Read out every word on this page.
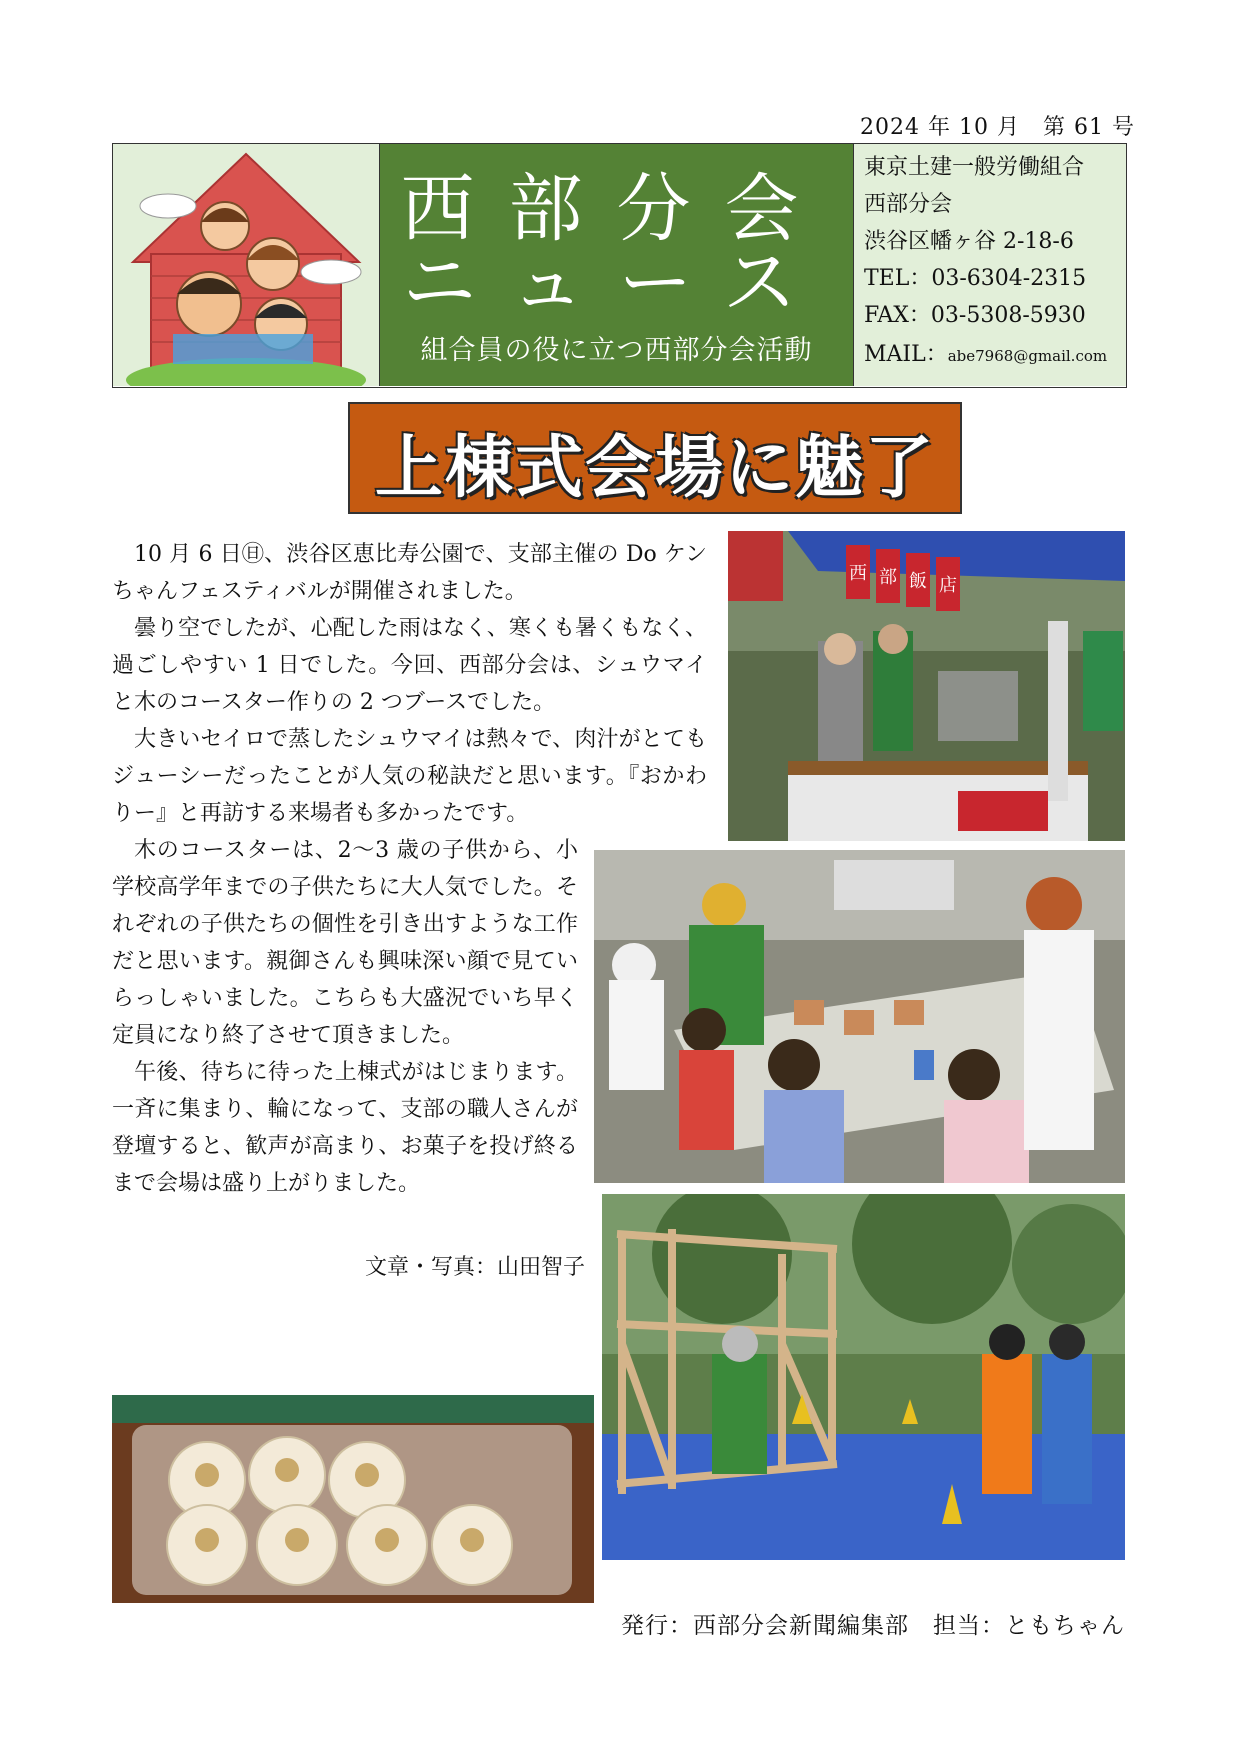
2024 年 10 月　 第 61 号
西部分会
ニュース
組合員の役に立つ西部分会活動
東京土建一般労働組合
西部分会
渋谷区幡ヶ谷 2-18-6
TEL：03-6304-2315
FAX：03-5308-5930
MAIL：abe7968@gmail.com
上棟式会場に魅了
10 月 6 日㊐、渋谷区恵比寿公園で、支部主催の Do ケンちゃんフェスティバルが開催されました。
曇り空でしたが、心配した雨はなく、寒くも暑くもなく、過ごしやすい 1 日でした。今回、西部分会は、シュウマイと木のコースター作りの 2 つブースでした。
大きいセイロで蒸したシュウマイは熱々で、肉汁がとてもジューシーだったことが人気の秘訣だと思います。『おかわりー』と再訪する来場者も多かったです。
木のコースターは、2〜3 歳の子供から、小学校高学年までの子供たちに大人気でした。それぞれの子供たちの個性を引き出すような工作だと思います。親御さんも興味深い顔で見ていらっしゃいました。こちらも大盛況でいち早く定員になり終了させて頂きました。
午後、待ちに待った上棟式がはじまります。一斉に集まり、輪になって、支部の職人さんが登壇すると、歓声が高まり、お菓子を投げ終るまで会場は盛り上がりました。
文章・写真：山田智子
西 部 飯 店
発行：西部分会新聞編集部　担当：ともちゃん
